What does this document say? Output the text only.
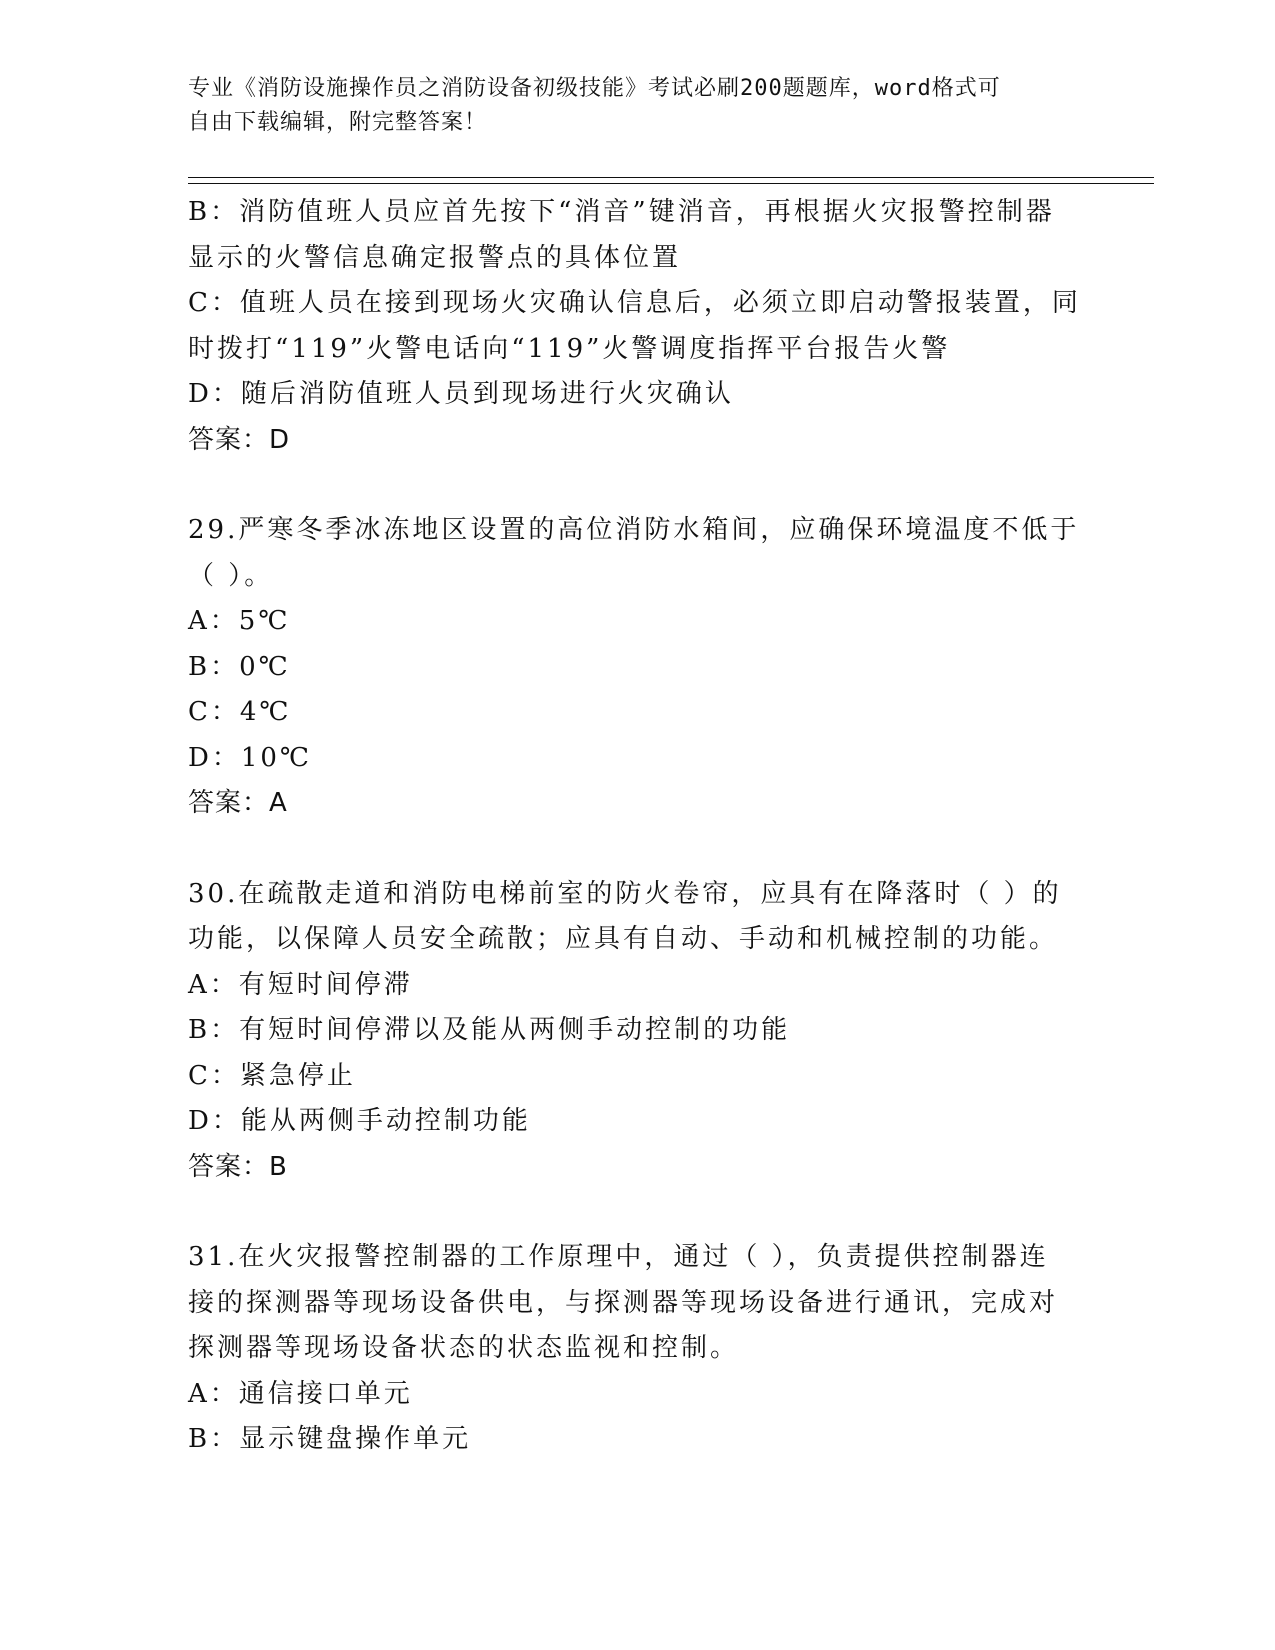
专业《消防设施操作员之消防设备初级技能》考试必刷200题题库，word格式可
自由下载编辑，附完整答案！
B：消防值班人员应首先按下“消音”键消音，再根据火灾报警控制器
显示的火警信息确定报警点的具体位置
C：值班人员在接到现场火灾确认信息后，必须立即启动警报装置，同
时拨打“119”火警电话向“119”火警调度指挥平台报告火警
D：随后消防值班人员到现场进行火灾确认
答案：D
29.严寒冬季冰冻地区设置的高位消防水箱间，应确保环境温度不低于
（ ）。
A：5℃
B：0℃
C：4℃
D：10℃
答案：A
30.在疏散走道和消防电梯前室的防火卷帘，应具有在降落时（ ）的
功能，以保障人员安全疏散；应具有自动、手动和机械控制的功能。
A：有短时间停滞
B：有短时间停滞以及能从两侧手动控制的功能
C：紧急停止
D：能从两侧手动控制功能
答案：B
31.在火灾报警控制器的工作原理中，通过（ ），负责提供控制器连
接的探测器等现场设备供电，与探测器等现场设备进行通讯，完成对
探测器等现场设备状态的状态监视和控制。
A：通信接口单元
B：显示键盘操作单元
